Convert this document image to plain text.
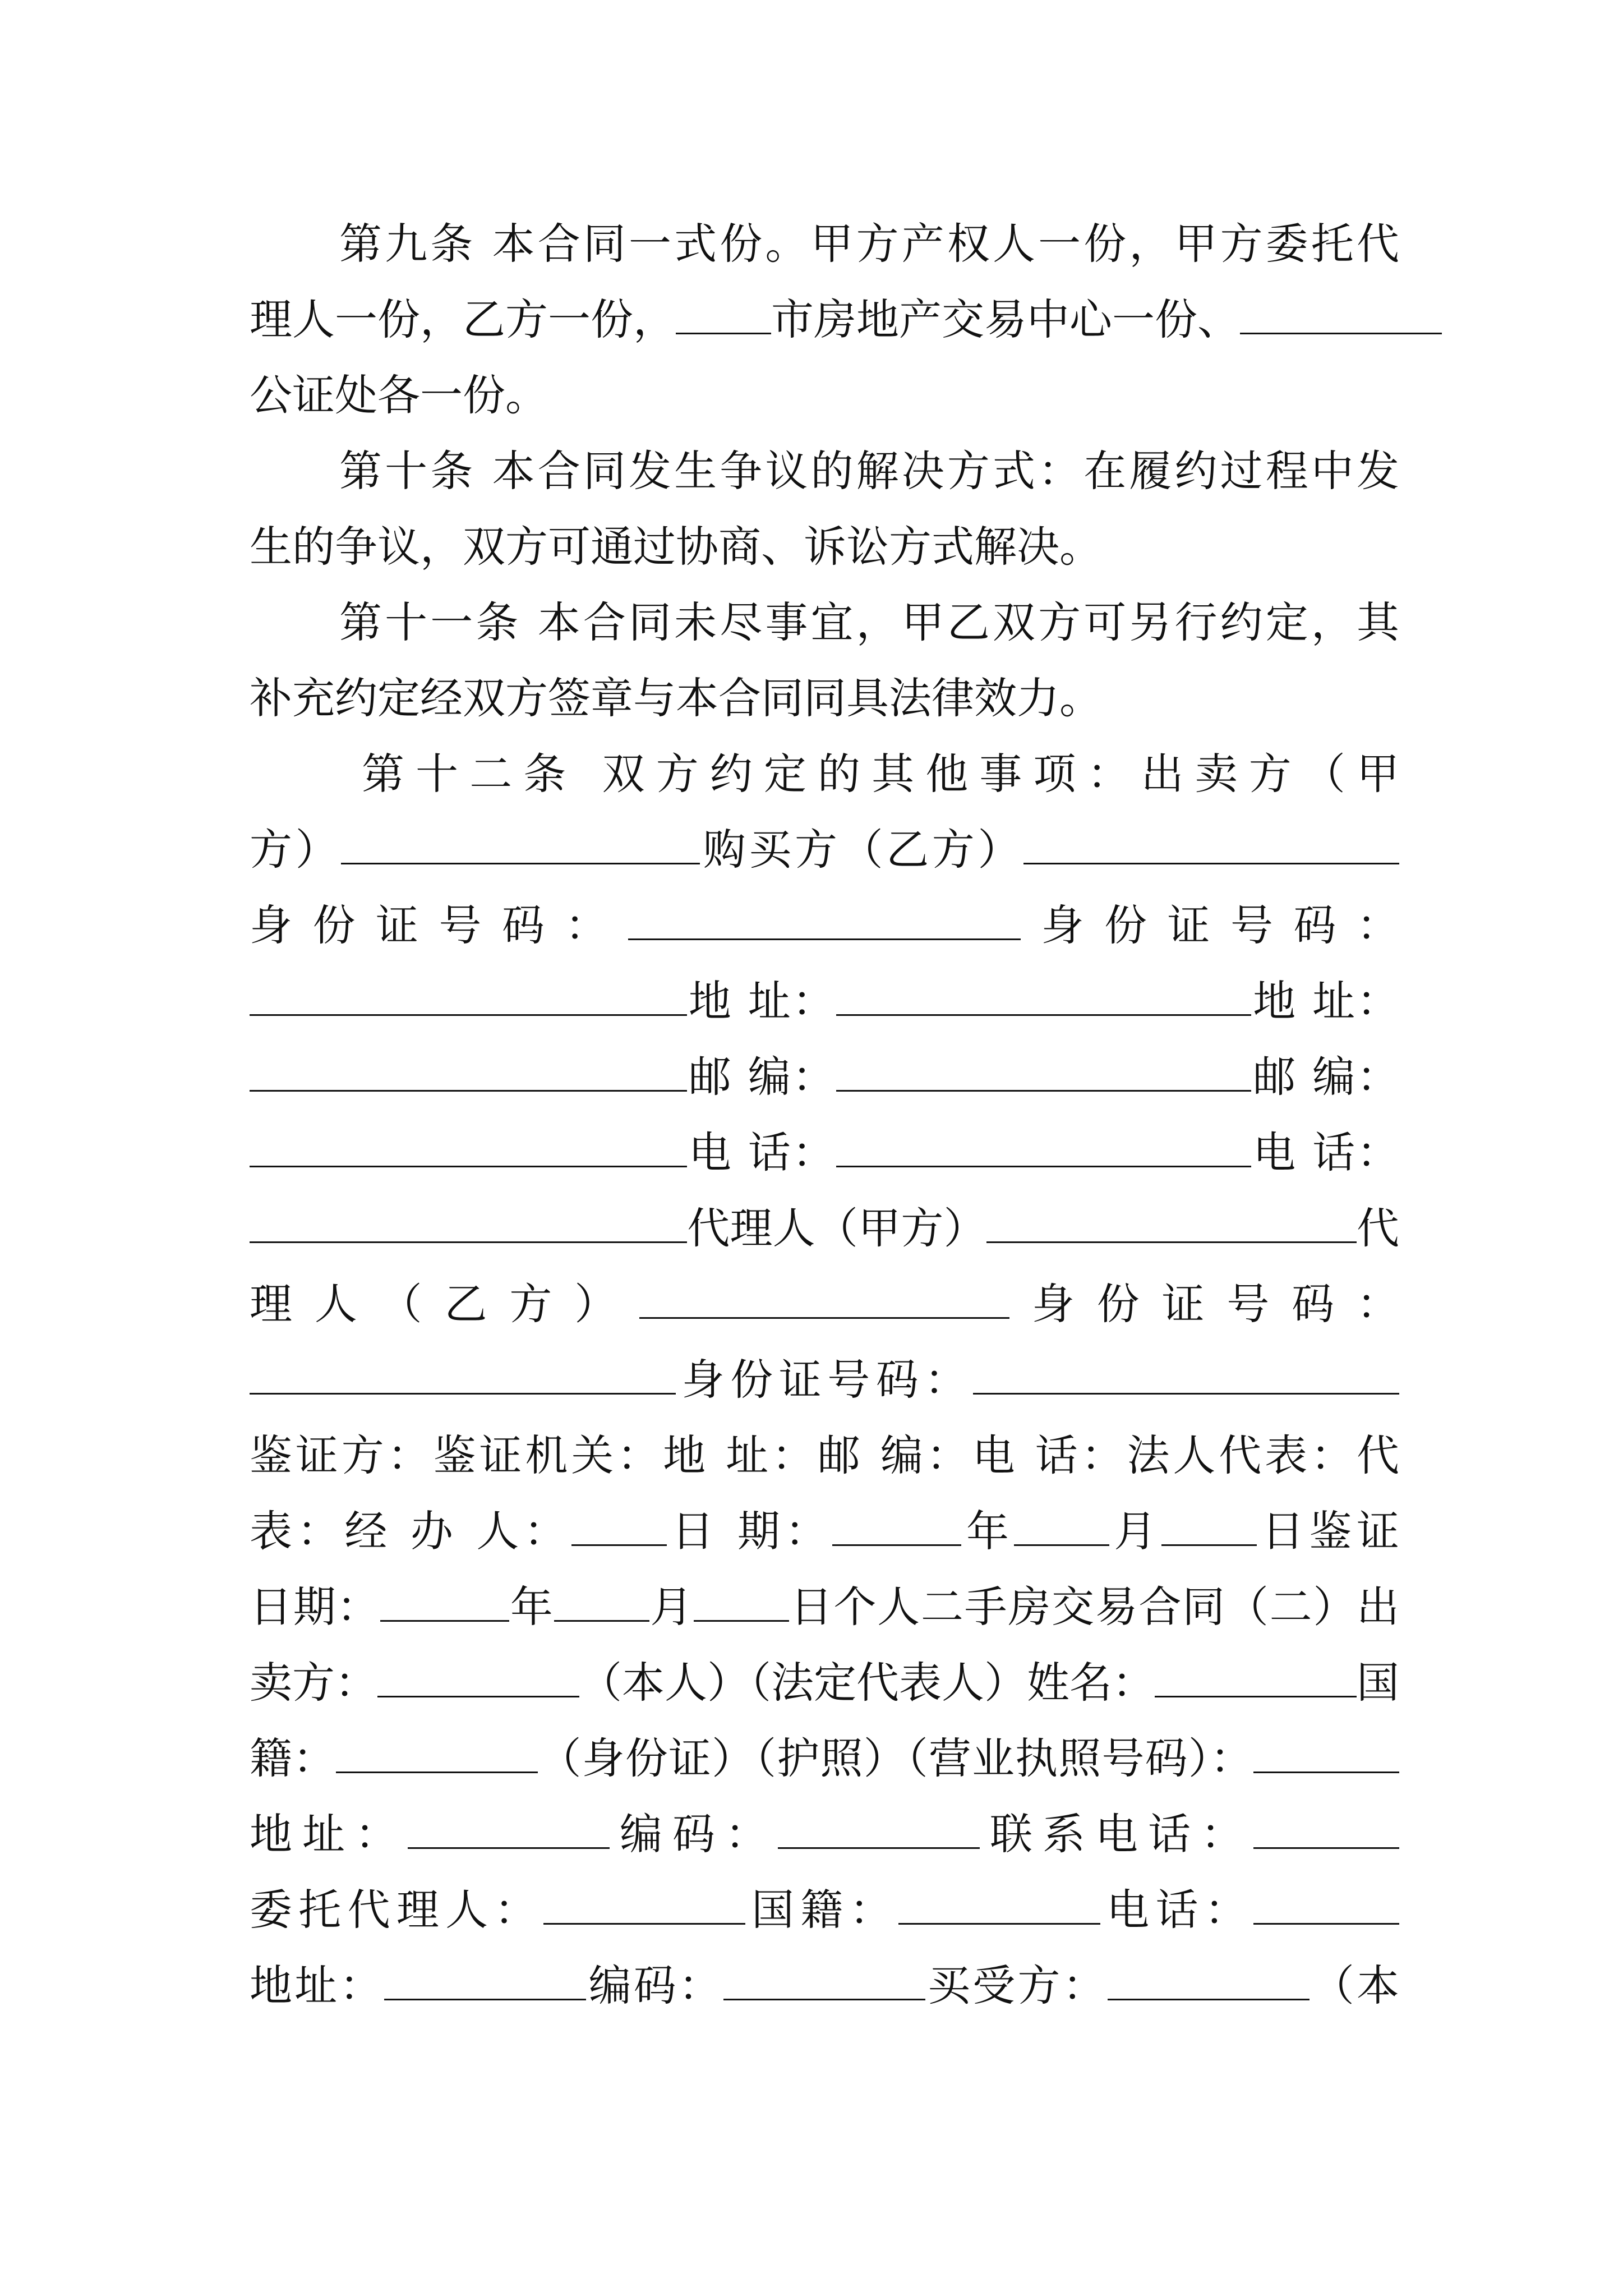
第九条 本合同一式份。甲方产权人一份，甲方委托代
理人一份，乙方一份， 市房地产交易中心一份、
公证处各一份。
第十条 本合同发生争议的解决方式：在履约过程中发
生的争议，双方可通过协商、诉讼方式解决。
第十一条 本合同未尽事宜，甲乙双方可另行约定，其
补充约定经双方签章与本合同同具法律效力。
第十二条 双方约定的其他事项：出卖方（甲
方）	购买方（乙方）
身份证号码：	身份证号码：
地 址：	地 址：
邮 编：	邮 编：
电 话：	电 话：
代理人（甲方）	代
理人（乙方）	身份证号码：
身份证号码：
鉴证方：鉴证机关：地 址：邮 编：电 话：法人代表：代
表：经 办 人： 日 期：	年 月 日鉴证
日期：	年 月 日个人二手房交易合同（二）出
卖方：	（本人）（法定代表人）姓名：	国
籍：	（身份证）（护照）（营业执照号码）：
地址：	编码：	联系电话：
委托代理人：	国籍：	电话：
地址：	编码：	买受方：	（本
